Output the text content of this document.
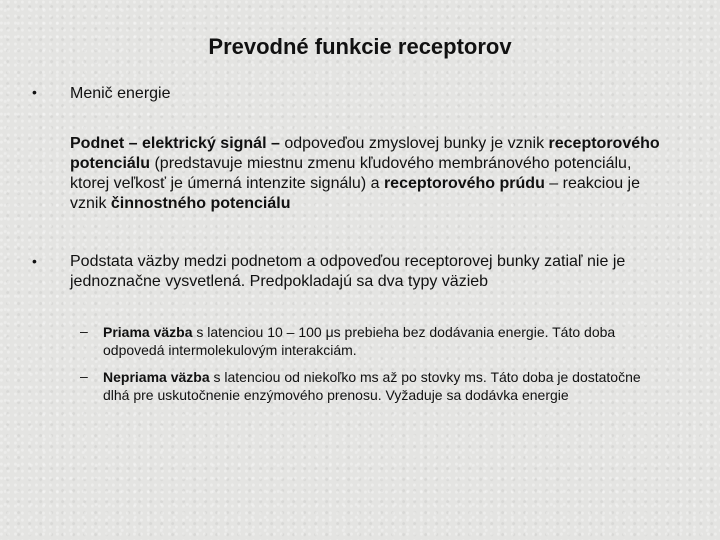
Prevodné funkcie receptorov
• Menič energie
Podnet – elektrický signál – odpoveďou zmyslovej bunky je vznik receptorového potenciálu (predstavuje miestnu zmenu kľudového membránového potenciálu, ktorej veľkosť je úmerná intenzite signálu) a receptorového prúdu – reakciou je vznik činnostného potenciálu
• Podstata väzby medzi podnetom a odpoveďou receptorovej bunky zatiaľ nie je jednoznačne vysvetlená. Predpokladajú sa dva typy väzieb
– Priama väzba s latenciou 10 – 100 μs prebieha bez dodávania energie. Táto doba odpovedá intermolekulovým interakciám.
– Nepriama väzba s latenciou od niekoľko ms až po stovky ms. Táto doba je dostatočne dlhá pre uskutočnenie enzýmového prenosu. Vyžaduje sa dodávka energie
